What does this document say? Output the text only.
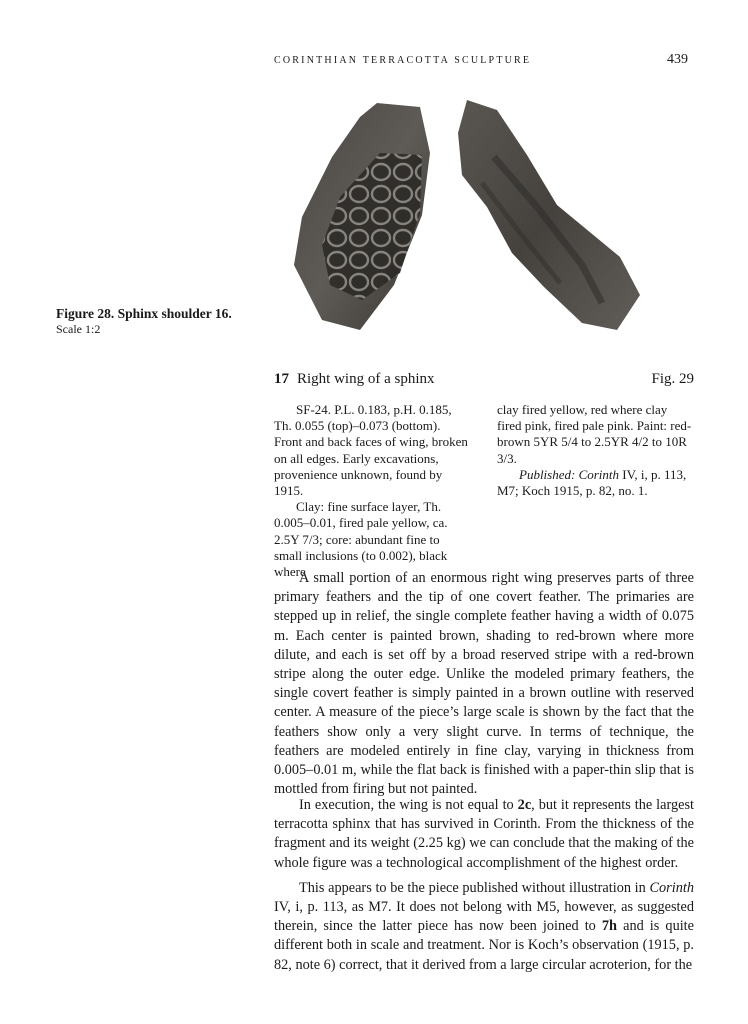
CORINTHIAN TERRACOTTA SCULPTURE	439
Figure 28. Sphinx shoulder 16.
Scale 1:2
17 Right wing of a sphinx	Fig. 29

SF-24. P.L. 0.183, p.H. 0.185, Th. 0.055 (top)–0.073 (bottom). Front and back faces of wing, broken on all edges. Early excavations, provenience unknown, found by 1915.

Clay: fine surface layer, Th. 0.005–0.01, fired pale yellow, ca. 2.5Y 7/3; core: abundant fine to small inclusions (to 0.002), black where

clay fired yellow, red where clay fired pink, fired pale pink. Paint: red-brown 5YR 5/4 to 2.5YR 4/2 to 10R 3/3.

Published: Corinth IV, i, p. 113, M7; Koch 1915, p. 82, no. 1.

A small portion of an enormous right wing preserves parts of three primary feathers and the tip of one covert feather. The primaries are stepped up in relief, the single complete feather having a width of 0.075 m. Each center is painted brown, shading to red-brown where more dilute, and each is set off by a broad reserved stripe with a red-brown stripe along the outer edge. Unlike the modeled primary feathers, the single covert feather is simply painted in a brown outline with reserved center. A measure of the piece’s large scale is shown by the fact that the feathers show only a very slight curve. In terms of technique, the feathers are modeled entirely in fine clay, varying in thickness from 0.005–0.01 m, while the flat back is finished with a paper-thin slip that is mottled from firing but not painted.

In execution, the wing is not equal to 2c, but it represents the largest terracotta sphinx that has survived in Corinth. From the thickness of the fragment and its weight (2.25 kg) we can conclude that the making of the whole figure was a technological accomplishment of the highest order.

This appears to be the piece published without illustration in Corinth IV, i, p. 113, as M7. It does not belong with M5, however, as suggested therein, since the latter piece has now been joined to 7h and is quite different both in scale and treatment. Nor is Koch’s observation (1915, p. 82, note 6) correct, that it derived from a large circular acroterion, for the
